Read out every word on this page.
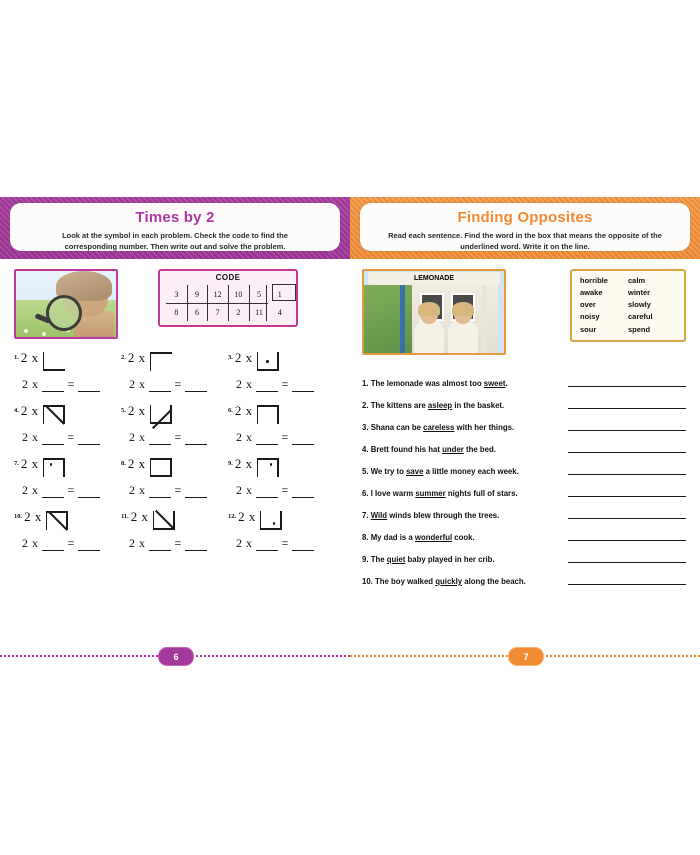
Times by 2
Look at the symbol in each problem. Check the code to find the corresponding number. Then write out and solve the problem.
CODE
3 9 12 10 5 1
8 6 7 2 11 4
1. 2 x
2 x =
2. 2 x
2 x =
3. 2 x
2 x =
4. 2 x
2 x =
5. 2 x
2 x =
6. 2 x
2 x =
7. 2 x
2 x =
8. 2 x
2 x =
9. 2 x
2 x =
10. 2 x
2 x =
11. 2 x
2 x =
12. 2 x
2 x =
Finding Opposites
Read each sentence. Find the word in the box that means the opposite of the underlined word. Write it on the line.
LEMONADE	horrible
awake
over
noisy
sour
calm
winter
slowly
careful
spend
1. The lemonade was almost too sweet.
2. The kittens are asleep in the basket.
3. Shana can be careless with her things.
4. Brett found his hat under the bed.
5. We try to save a little money each week.
6. I love warm summer nights full of stars.
7. Wild winds blew through the trees.
8. My dad is a wonderful cook.
9. The quiet baby played in her crib.
10. The boy walked quickly along the beach.
6	7
